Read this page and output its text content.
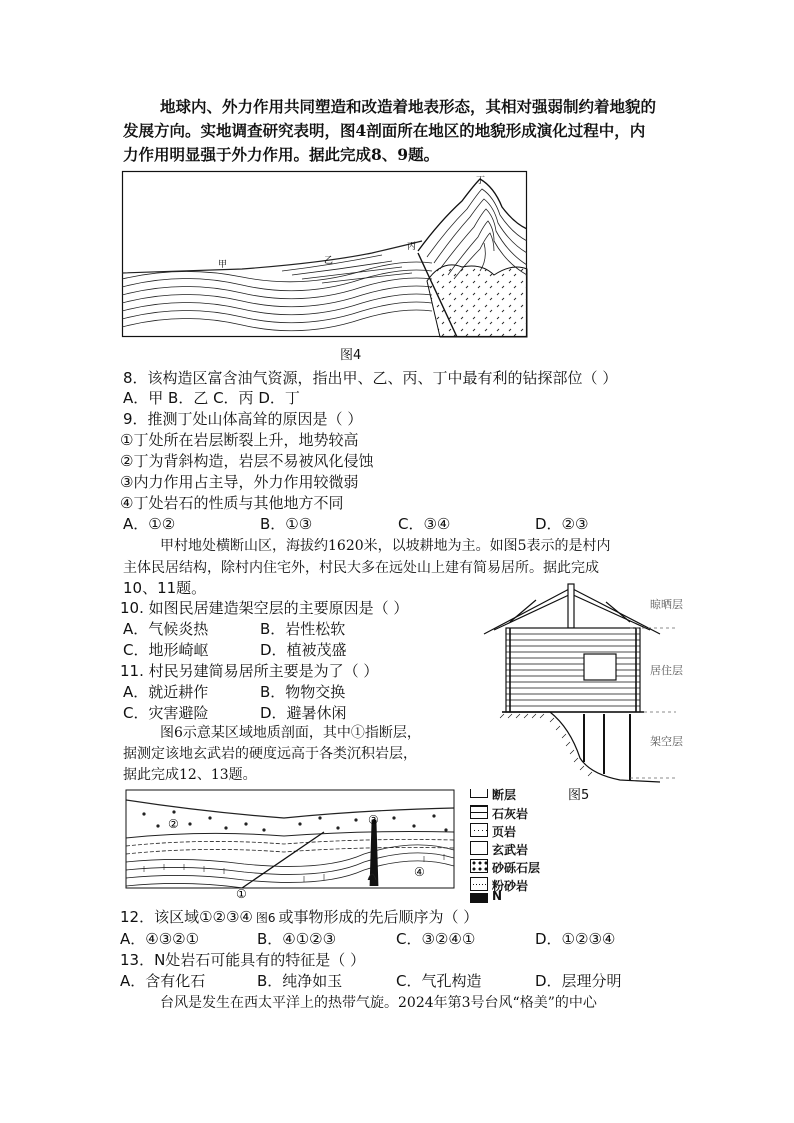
地球内、外力作用共同塑造和改造着地表形态，其相对强弱制约着地貌的
发展方向。实地调查研究表明，图4剖面所在地区的地貌形成演化过程中，内
力作用明显强于外力作用。据此完成8、9题。
甲	乙
丙
丁
图4
8．该构造区富含油气资源，指出甲、乙、丙、丁中最有利的钻探部位（ ）
A．甲 B．乙 C．丙 D．丁
9．推测丁处山体高耸的原因是（ ）
①丁处所在岩层断裂上升，地势较高
②丁为背斜构造，岩层不易被风化侵蚀
③内力作用占主导，外力作用较微弱
④丁处岩石的性质与其他地方不同
A．①②	B．①③	C．③④	D．②③
甲村地处横断山区，海拔约1620米，以坡耕地为主。如图5表示的是村内
主体民居结构，除村内住宅外，村民大多在远处山上建有简易居所。据此完成
10、11题。
10. 如图民居建造架空层的主要原因是（ ）
A．气候炎热	B．岩性松软
C．地形崎岖	D．植被茂盛
11. 村民另建简易居所主要是为了（ ）
A．就近耕作	B．物物交换
C．灾害避险	D．避暑休闲
图6示意某区域地质剖面，其中①指断层，
据测定该地玄武岩的硬度远高于各类沉积岩层，
据此完成12、13题。
晾晒层
居住层
架空层
图5
①
②	③
④
断层
石灰岩
页岩
玄武岩
砂砾石层
粉砂岩
N
12．该区域①②③④ 图6 或事物形成的先后顺序为（ ）
A．④③②①	B．④①②③	C．③②④①	D．①②③④
13．N处岩石可能具有的特征是（ ）
A．含有化石	B．纯净如玉	C．气孔构造	D．层理分明
台风是发生在西太平洋上的热带气旋。2024年第3号台风“格美”的中心
